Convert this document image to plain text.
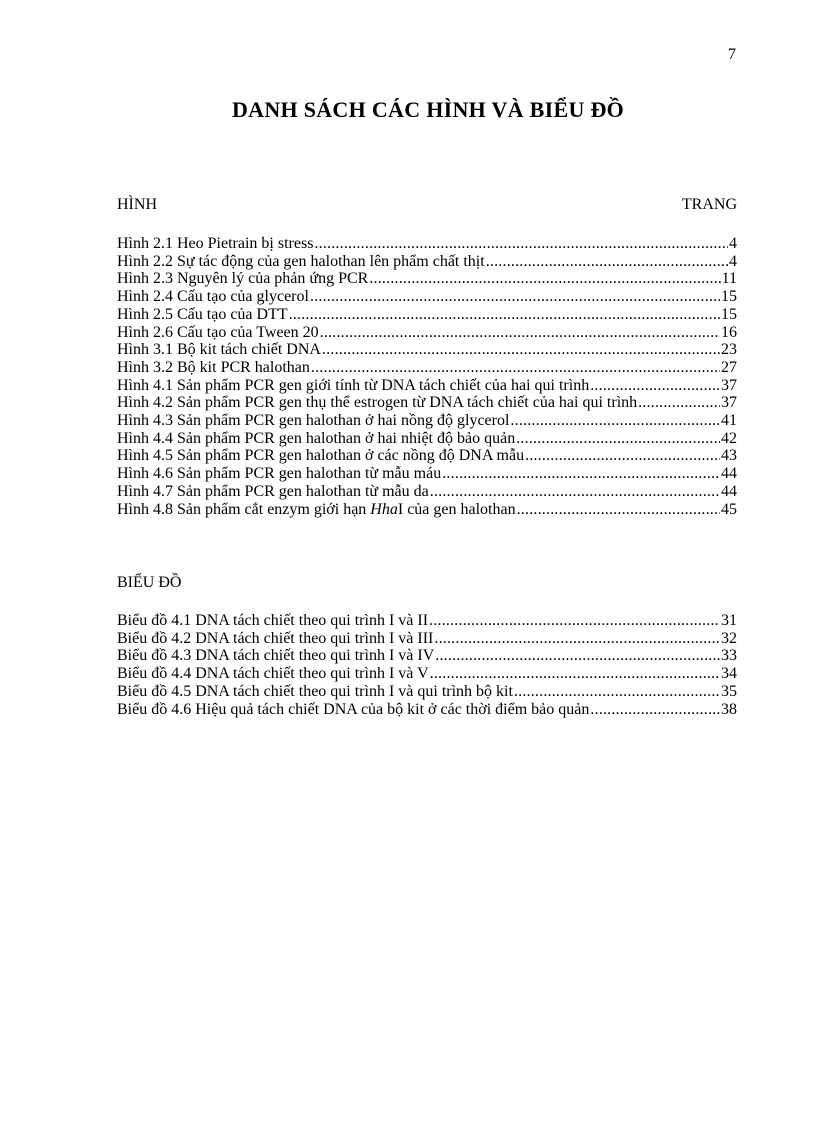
7
DANH SÁCH CÁC HÌNH VÀ BIỂU ĐỒ
HÌNH	TRANG
Hình 2.1 Heo Pietrain bị stress .....	4
Hình 2.2 Sự tác động của gen halothan lên phẩm chất thịt .....	4
Hình 2.3 Nguyên lý của phản ứng PCR .....	11
Hình 2.4 Cấu tạo của glycerol .....	15
Hình 2.5 Cấu tạo của DTT .....	15
Hình 2.6 Cấu tạo của Tween 20 .....	16
Hình 3.1 Bộ kit tách chiết DNA .....	23
Hình 3.2 Bộ kit PCR halothan .....	27
Hình 4.1 Sản phẩm PCR gen giới tính từ DNA tách chiết của hai qui trình .....	37
Hình 4.2 Sản phẩm PCR gen thụ thể estrogen từ DNA tách chiết của hai qui trình .....	37
Hình 4.3 Sản phẩm PCR gen halothan ở hai nồng độ glycerol .....	41
Hình 4.4 Sản phẩm PCR gen halothan ở hai nhiệt độ bảo quản .....	42
Hình 4.5 Sản phẩm PCR gen halothan ở các nồng độ DNA mẫu .....	43
Hình 4.6 Sản phẩm PCR gen halothan từ mẫu máu .....	44
Hình 4.7 Sản phẩm PCR gen halothan từ mẫu da .....	44
Hình 4.8 Sản phẩm cắt enzym giới hạn HhaI của gen halothan .....	45
BIỂU ĐỒ
Biểu đồ 4.1 DNA tách chiết theo qui trình I và II .....	31
Biểu đồ 4.2 DNA tách chiết theo qui trình I và III .....	32
Biểu đồ 4.3 DNA tách chiết theo qui trình I và IV .....	33
Biểu đồ 4.4 DNA tách chiết theo qui trình I và V .....	34
Biểu đồ 4.5 DNA tách chiết theo qui trình I và qui trình bộ kit .....	35
Biểu đồ 4.6 Hiệu quả tách chiết DNA của bộ kit ở các thời điểm bảo quản .....	38
